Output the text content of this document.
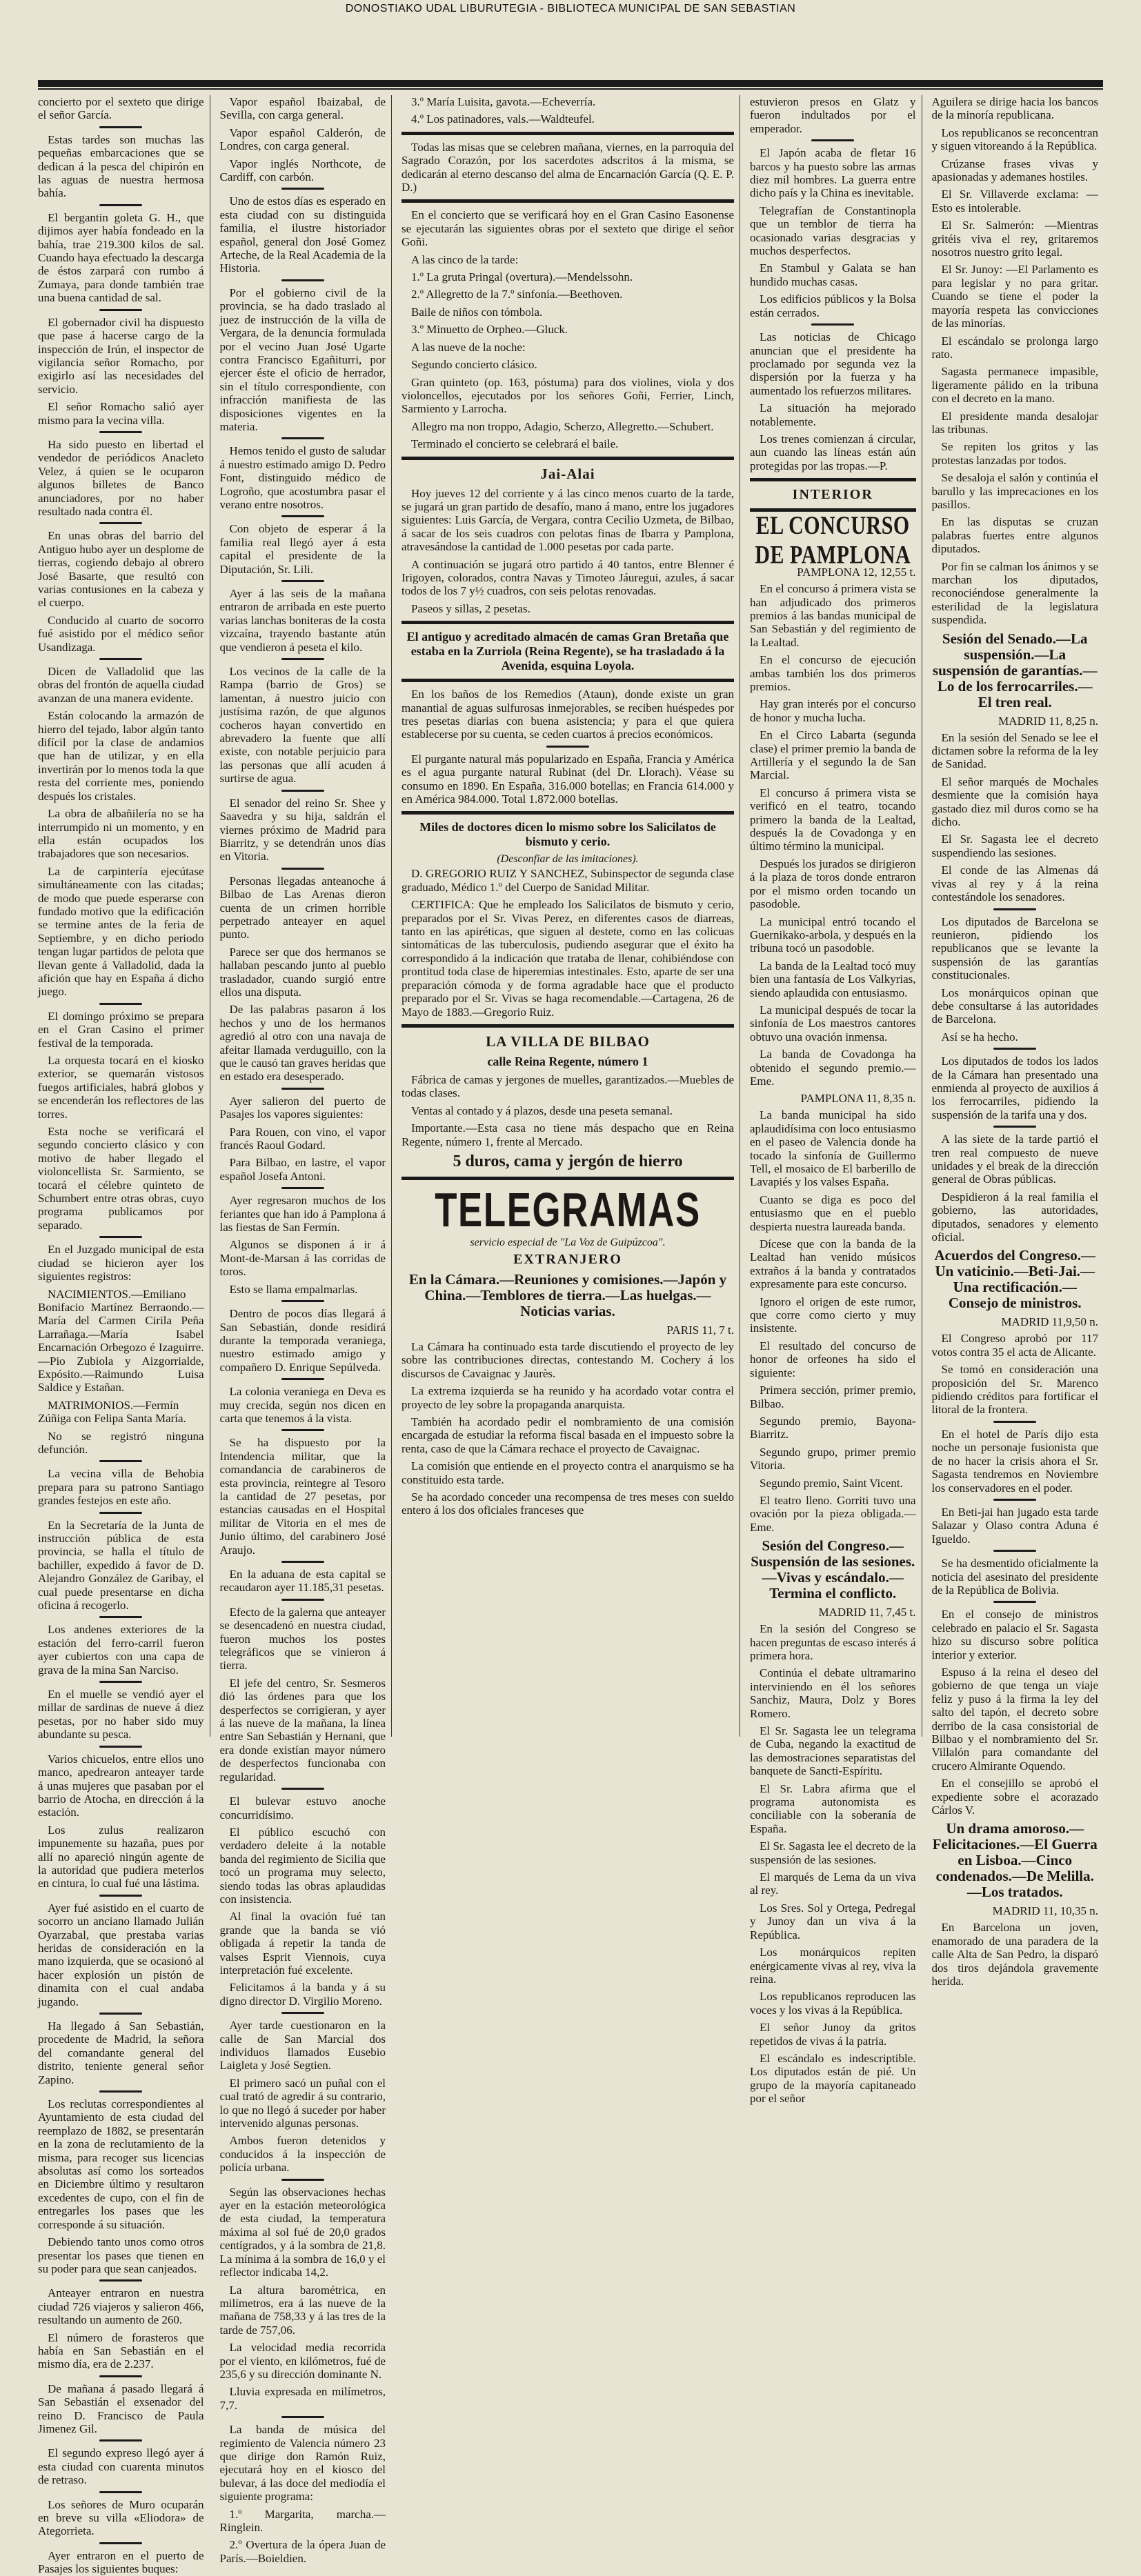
DONOSTIAKO UDAL LIBURUTEGIA - BIBLIOTECA MUNICIPAL DE SAN SEBASTIAN

concierto por el sexteto que dirige el señor García.

Estas tardes son muchas las pequeñas embarcaciones que se dedican á la pesca del chipirón en las aguas de nuestra hermosa bahía.

El bergantin goleta G. H., que dijimos ayer había fondeado en la bahía, trae 219.300 kilos de sal. Cuando haya efectuado la descarga de éstos zarpará con rumbo á Zumaya, para donde también trae una buena cantidad de sal.

El gobernador civil ha dispuesto que pase á hacerse cargo de la inspección de Irún, el inspector de vigilancia señor Romacho, por exigirlo así las necesidades del servicio.

El señor Romacho salió ayer mismo para la vecina villa.

Ha sido puesto en libertad el vendedor de periódicos Anacleto Velez, á quien se le ocuparon algunos billetes de Banco anunciadores, por no haber resultado nada contra él.

En unas obras del barrio del Antiguo hubo ayer un desplome de tierras, cogiendo debajo al obrero José Basarte, que resultó con varias contusiones en la cabeza y el cuerpo.

Conducido al cuarto de socorro fué asistido por el médico señor Usandizaga.

Dicen de Valladolid que las obras del frontón de aquella ciudad avanzan de una manera evidente.

Están colocando la armazón de hierro del tejado, labor algún tanto difícil por la clase de andamios que han de utilizar, y en ella invertirán por lo menos toda la que resta del corriente mes, poniendo después los cristales.

La obra de albañilería no se ha interrumpido ni un momento, y en ella están ocupados los trabajadores que son necesarios.

La de carpintería ejecútase simultáneamente con las citadas; de modo que puede esperarse con fundado motivo que la edificación se termine antes de la feria de Septiembre, y en dicho periodo tengan lugar partidos de pelota que llevan gente á Valladolid, dada la afición que hay en España á dicho juego.

El domingo próximo se prepara en el Gran Casino el primer festival de la temporada.

La orquesta tocará en el kiosko exterior, se quemarán vistosos fuegos artificiales, habrá globos y se encenderán los reflectores de las torres.

Esta noche se verificará el segundo concierto clásico y con motivo de haber llegado el violoncellista Sr. Sarmiento, se tocará el célebre quinteto de Schumbert entre otras obras, cuyo programa publicamos por separado.

En el Juzgado municipal de esta ciudad se hicieron ayer los siguientes registros:

NACIMIENTOS.—Emiliano Bonifacio Martínez Berraondo.—María del Carmen Cirila Peña Larrañaga.—María Isabel Encarnación Orbegozo é Izaguirre.—Pio Zubiola y Aizgorrialde, Expósito.—Raimundo Luisa Saldice y Estañan.

MATRIMONIOS.—Fermín Zúñiga con Felipa Santa María.

No se registró ninguna defunción.

La vecina villa de Behobia prepara para su patrono Santiago grandes festejos en este año.

En la Secretaría de la Junta de instrucción pública de esta provincia, se halla el título de bachiller, expedido á favor de D. Alejandro González de Garibay, el cual puede presentarse en dicha oficina á recogerlo.

Los andenes exteriores de la estación del ferro-carril fueron ayer cubiertos con una capa de grava de la mina San Narciso.

En el muelle se vendió ayer el millar de sardinas de nueve á diez pesetas, por no haber sido muy abundante su pesca.

Varios chicuelos, entre ellos uno manco, apedrearon anteayer tarde á unas mujeres que pasaban por el barrio de Atocha, en dirección á la estación.

Los zulus realizaron impunemente su hazaña, pues por allí no apareció ningún agente de la autoridad que pudiera meterlos en cintura, lo cual fué una lástima.

Ayer fué asistido en el cuarto de socorro un anciano llamado Julián Oyarzabal, que prestaba varias heridas de consideración en la mano izquierda, que se ocasionó al hacer explosión un pistón de dinamita con el cual andaba jugando.

Ha llegado á San Sebastián, procedente de Madrid, la señora del comandante general del distrito, teniente general señor Zapino.

Los reclutas correspondientes al Ayuntamiento de esta ciudad del reemplazo de 1882, se presentarán en la zona de reclutamiento de la misma, para recoger sus licencias absolutas así como los sorteados en Diciembre último y resultaron excedentes de cupo, con el fin de entregarles los pases que les corresponde á su situación.

Debiendo tanto unos como otros presentar los pases que tienen en su poder para que sean canjeados.

Anteayer entraron en nuestra ciudad 726 viajeros y salieron 466, resultando un aumento de 260.

El número de forasteros que había en San Sebastián en el mismo día, era de 2.237.

De mañana á pasado llegará á San Sebastián el exsenador del reino D. Francisco de Paula Jimenez Gil.

El segundo expreso llegó ayer á esta ciudad con cuarenta minutos de retraso.

Los señores de Muro ocuparán en breve su villa «Eliodora» de Ategorrieta.

Ayer entraron en el puerto de Pasajes los siguientes buques:

Vapor español Ibaizabal, de Sevilla, con carga general.

Vapor español Calderón, de Londres, con carga general.

Vapor inglés Northcote, de Cardiff, con carbón.

Uno de estos días es esperado en esta ciudad con su distinguida familia, el ilustre historiador español, general don José Gomez Arteche, de la Real Academia de la Historia.

Por el gobierno civil de la provincia, se ha dado traslado al juez de instrucción de la villa de Vergara, de la denuncia formulada por el vecino Juan José Ugarte contra Francisco Egañiturri, por ejercer éste el oficio de herrador, sin el título correspondiente, con infracción manifiesta de las disposiciones vigentes en la materia.

Hemos tenido el gusto de saludar á nuestro estimado amigo D. Pedro Font, distinguido médico de Logroño, que acostumbra pasar el verano entre nosotros.

Con objeto de esperar á la familia real llegó ayer á esta capital el presidente de la Diputación, Sr. Lili.

Ayer á las seis de la mañana entraron de arribada en este puerto varias lanchas boniteras de la costa vizcaína, trayendo bastante atún que vendieron á peseta el kilo.

Los vecinos de la calle de la Rampa (barrio de Gros) se lamentan, á nuestro juicio con justísima razón, de que algunos cocheros hayan convertido en abrevadero la fuente que allí existe, con notable perjuicio para las personas que allí acuden á surtirse de agua.

El senador del reino Sr. Shee y Saavedra y su hija, saldrán el viernes próximo de Madrid para Biarritz, y se detendrán unos días en Vitoria.

Personas llegadas anteanoche á Bilbao de Las Arenas dieron cuenta de un crimen horrible perpetrado anteayer en aquel punto.

Parece ser que dos hermanos se hallaban pescando junto al pueblo trasladador, cuando surgió entre ellos una disputa.

De las palabras pasaron á los hechos y uno de los hermanos agredió al otro con una navaja de afeitar llamada verduguillo, con la que le causó tan graves heridas que en estado era desesperado.

Ayer salieron del puerto de Pasajes los vapores siguientes:

Para Rouen, con vino, el vapor francés Raoul Godard.

Para Bilbao, en lastre, el vapor español Josefa Antoni.

Ayer regresaron muchos de los feriantes que han ido á Pamplona á las fiestas de San Fermín.

Algunos se disponen á ir á Mont-de-Marsan á las corridas de toros.

Esto se llama empalmarlas.

Dentro de pocos días llegará á San Sebastián, donde residirá durante la temporada veraniega, nuestro estimado amigo y compañero D. Enrique Sepúlveda.

La colonia veraniega en Deva es muy crecida, según nos dicen en carta que tenemos á la vista.

Se ha dispuesto por la Intendencia militar, que la comandancia de carabineros de esta provincia, reintegre al Tesoro la cantidad de 27 pesetas, por estancias causadas en el Hospital militar de Vitoria en el mes de Junio último, del carabinero José Araujo.

En la aduana de esta capital se recaudaron ayer 11.185,31 pesetas.

Efecto de la galerna que anteayer se desencadenó en nuestra ciudad, fueron muchos los postes telegráficos que se vinieron á tierra.

El jefe del centro, Sr. Sesmeros dió las órdenes para que los desperfectos se corrigieran, y ayer á las nueve de la mañana, la línea entre San Sebastián y Hernani, que era donde existían mayor número de desperfectos funcionaba con regularidad.

El bulevar estuvo anoche concurridísimo.

El público escuchó con verdadero deleite á la notable banda del regimiento de Sicilia que tocó un programa muy selecto, siendo todas las obras aplaudidas con insistencia.

Al final la ovación fué tan grande que la banda se vió obligada á repetir la tanda de valses Esprit Viennois, cuya interpretación fué excelente.

Felicitamos á la banda y á su digno director D. Virgilio Moreno.

Ayer tarde cuestionaron en la calle de San Marcial dos individuos llamados Eusebio Laigleta y José Segtien.

El primero sacó un puñal con el cual trató de agredir á su contrario, lo que no llegó á suceder por haber intervenido algunas personas.

Ambos fueron detenidos y conducidos á la inspección de policía urbana.

Según las observaciones hechas ayer en la estación meteorológica de esta ciudad, la temperatura máxima al sol fué de 20,0 grados centígrados, y á la sombra de 21,8. La mínima á la sombra de 16,0 y el reflector indicaba 14,2.

La altura barométrica, en milímetros, era á las nueve de la mañana de 758,33 y á las tres de la tarde de 757,06.

La velocidad media recorrida por el viento, en kilómetros, fué de 235,6 y su dirección dominante N.

Lluvia expresada en milímetros, 7,7.

La banda de música del regimiento de Valencia número 23 que dirige don Ramón Ruiz, ejecutará hoy en el kiosco del bulevar, á las doce del mediodía el siguiente programa:

1.º Margarita, marcha.—Ringlein.

2.º Overtura de la ópera Juan de París.—Boieldien.

3.º María Luisita, gavota.—Echeverría.

4.º Los patinadores, vals.—Waldteufel.

Todas las misas que se celebren mañana, viernes, en la parroquia del Sagrado Corazón, por los sacerdotes adscritos á la misma, se dedicarán al eterno descanso del alma de Encarnación García (Q. E. P. D.)

En el concierto que se verificará hoy en el Gran Casino Easonense se ejecutarán las siguientes obras por el sexteto que dirige el señor Goñi.

A las cinco de la tarde:

1.º La gruta Pringal (overtura).—Mendelssohn.

2.º Allegretto de la 7.º sinfonía.—Beethoven.

Baile de niños con tómbola.

3.º Minuetto de Orpheo.—Gluck.

A las nueve de la noche:

Segundo concierto clásico.

Gran quinteto (op. 163, póstuma) para dos violines, viola y dos violoncellos, ejecutados por los señores Goñi, Ferrier, Linch, Sarmiento y Larrocha.

Allegro ma non troppo, Adagio, Scherzo, Allegretto.—Schubert.

Terminado el concierto se celebrará el baile.

Jai-Alai

Hoy jueves 12 del corriente y á las cinco menos cuarto de la tarde, se jugará un gran partido de desafío, mano á mano, entre los jugadores siguientes: Luis García, de Vergara, contra Cecilio Uzmeta, de Bilbao, á sacar de los seis cuadros con pelotas finas de Ibarra y Pamplona, atravesándose la cantidad de 1.000 pesetas por cada parte.

A continuación se jugará otro partido á 40 tantos, entre Blenner é Irigoyen, colorados, contra Navas y Timoteo Jáuregui, azules, á sacar todos de los 7 y½ cuadros, con seis pelotas renovadas.

Paseos y sillas, 2 pesetas.

El antiguo y acreditado almacén de camas Gran Bretaña que estaba en la Zurriola (Reina Regente), se ha trasladado á la Avenida, esquina Loyola.

En los baños de los Remedios (Ataun), donde existe un gran manantial de aguas sulfurosas inmejorables, se reciben huéspedes por tres pesetas diarias con buena asistencia; y para el que quiera establecerse por su cuenta, se ceden cuartos á precios económicos.

El purgante natural más popularizado en España, Francia y América es el agua purgante natural Rubinat (del Dr. Llorach). Véase su consumo en 1890. En España, 316.000 botellas; en Francia 614.000 y en América 984.000. Total 1.872.000 botellas.

Miles de doctores dicen lo mismo sobre los Salicilatos de bismuto y cerio.
(Desconfiar de las imitaciones).

D. GREGORIO RUIZ Y SANCHEZ, Subinspector de segunda clase graduado, Médico 1.º del Cuerpo de Sanidad Militar.

CERTIFICA: Que he empleado los Salicilatos de bismuto y cerio, preparados por el Sr. Vivas Perez, en diferentes casos de diarreas, tanto en las apiréticas, que siguen al destete, como en las colicuas sintomáticas de las tuberculosis, pudiendo asegurar que el éxito ha correspondido á la indicación que trataba de llenar, cohibiéndose con prontitud toda clase de hiperemias intestinales. Esto, aparte de ser una preparación cómoda y de forma agradable hace que el producto preparado por el Sr. Vivas se haga recomendable.—Cartagena, 26 de Mayo de 1883.—Gregorio Ruiz.

LA VILLA DE BILBAO
calle Reina Regente, número 1

Fábrica de camas y jergones de muelles, garantizados.—Muebles de todas clases.

Ventas al contado y á plazos, desde una peseta semanal.

Importante.—Esta casa no tiene más despacho que en Reina Regente, número 1, frente al Mercado.

5 duros, cama y jergón de hierro
TELEGRAMAS
servicio especial de "La Voz de Guipúzcoa".
EXTRANJERO
En la Cámara.—Reuniones y comisiones.—Japón y China.—Temblores de tierra.—Las huelgas.—Noticias varias.
PARIS 11, 7 t.

La Cámara ha continuado esta tarde discutiendo el proyecto de ley sobre las contribuciones directas, contestando M. Cochery á los discursos de Cavaignac y Jaurès.

La extrema izquierda se ha reunido y ha acordado votar contra el proyecto de ley sobre la propaganda anarquista.

También ha acordado pedir el nombramiento de una comisión encargada de estudiar la reforma fiscal basada en el impuesto sobre la renta, caso de que la Cámara rechace el proyecto de Cavaignac.

La comisión que entiende en el proyecto contra el anarquismo se ha constituido esta tarde.

Se ha acordado conceder una recompensa de tres meses con sueldo entero á los dos oficiales franceses que

estuvieron presos en Glatz y fueron indultados por el emperador.

El Japón acaba de fletar 16 barcos y ha puesto sobre las armas diez mil hombres. La guerra entre dicho país y la China es inevitable.

Telegrafían de Constantinopla que un temblor de tierra ha ocasionado varias desgracias y muchos desperfectos.

En Stambul y Galata se han hundido muchas casas.

Los edificios públicos y la Bolsa están cerrados.

Las noticias de Chicago anuncian que el presidente ha proclamado por segunda vez la dispersión por la fuerza y ha aumentado los refuerzos militares.

La situación ha mejorado notablemente.

Los trenes comienzan á circular, aun cuando las líneas están aún protegidas por las tropas.—P.

INTERIOR
EL CONCURSO DE PAMPLONA
PAMPLONA 12, 12,55 t.

En el concurso á primera vista se han adjudicado dos primeros premios á las bandas municipal de San Sebastián y del regimiento de la Lealtad.

En el concurso de ejecución ambas también los dos primeros premios.

Hay gran interés por el concurso de honor y mucha lucha.

En el Circo Labarta (segunda clase) el primer premio la banda de Artillería y el segundo la de San Marcial.

El concurso á primera vista se verificó en el teatro, tocando primero la banda de la Lealtad, después la de Covadonga y en último término la municipal.

Después los jurados se dirigieron á la plaza de toros donde entraron por el mismo orden tocando un pasodoble.

La municipal entró tocando el Guernikako-arbola, y después en la tribuna tocó un pasodoble.

La banda de la Lealtad tocó muy bien una fantasía de Los Valkyrias, siendo aplaudida con entusiasmo.

La municipal después de tocar la sinfonía de Los maestros cantores obtuvo una ovación inmensa.

La banda de Covadonga ha obtenido el segundo premio.—Eme.

PAMPLONA 11, 8,35 n.

La banda municipal ha sido aplaudidísima con loco entusiasmo en el paseo de Valencia donde ha tocado la sinfonía de Guillermo Tell, el mosaico de El barberillo de Lavapiés y los valses España.

Cuanto se diga es poco del entusiasmo que en el pueblo despierta nuestra laureada banda.

Dícese que con la banda de la Lealtad han venido músicos extraños á la banda y contratados expresamente para este concurso.

Ignoro el origen de este rumor, que corre como cierto y muy insistente.

El resultado del concurso de honor de orfeones ha sido el siguiente:

Primera sección, primer premio, Bilbao.

Segundo premio, Bayona-Biarritz.

Segundo grupo, primer premio Vitoria.

Segundo premio, Saint Vicent.

El teatro lleno. Gorriti tuvo una ovación por la pieza obligada.—Eme.

Sesión del Congreso.—Suspensión de las sesiones.—Vivas y escándalo.—Termina el conflicto.
MADRID 11, 7,45 t.

En la sesión del Congreso se hacen preguntas de escaso interés á primera hora.

Continúa el debate ultramarino interviniendo en él los señores Sanchiz, Maura, Dolz y Bores Romero.

El Sr. Sagasta lee un telegrama de Cuba, negando la exactitud de las demostraciones separatistas del banquete de Sancti-Espíritu.

El Sr. Labra afirma que el programa autonomista es conciliable con la soberanía de España.

El Sr. Sagasta lee el decreto de la suspensión de las sesiones.

El marqués de Lema da un viva al rey.

Los Sres. Sol y Ortega, Pedregal y Junoy dan un viva á la República.

Los monárquicos repiten enérgicamente vivas al rey, viva la reina.

Los republicanos reproducen las voces y los vivas á la República.

El señor Junoy da gritos repetidos de vivas á la patria.

El escándalo es indescriptible. Los diputados están de pié. Un grupo de la mayoría capitaneado por el señor

Aguilera se dirige hacia los bancos de la minoría republicana.

Los republicanos se reconcentran y siguen vitoreando á la República.

Crúzanse frases vivas y apasionadas y ademanes hostiles.

El Sr. Villaverde exclama: —Esto es intolerable.

El Sr. Salmerón: —Mientras gritéis viva el rey, gritaremos nosotros nuestro grito legal.

El Sr. Junoy: —El Parlamento es para legislar y no para gritar. Cuando se tiene el poder la mayoría respeta las convicciones de las minorías.

El escándalo se prolonga largo rato.

Sagasta permanece impasible, ligeramente pálido en la tribuna con el decreto en la mano.

El presidente manda desalojar las tribunas.

Se repiten los gritos y las protestas lanzadas por todos.

Se desaloja el salón y continúa el barullo y las imprecaciones en los pasillos.

En las disputas se cruzan palabras fuertes entre algunos diputados.

Por fin se calman los ánimos y se marchan los diputados, reconociéndose generalmente la esterilidad de la legislatura suspendida.

Sesión del Senado.—La suspensión.—La suspensión de garantías.—Lo de los ferrocarriles.—El tren real.
MADRID 11, 8,25 n.

En la sesión del Senado se lee el dictamen sobre la reforma de la ley de Sanidad.

El señor marqués de Mochales desmiente que la comisión haya gastado diez mil duros como se ha dicho.

El Sr. Sagasta lee el decreto suspendiendo las sesiones.

El conde de las Almenas dá vivas al rey y á la reina contestándole los senadores.

Los diputados de Barcelona se reunieron, pidiendo los republicanos que se levante la suspensión de las garantías constitucionales.

Los monárquicos opinan que debe consultarse á las autoridades de Barcelona.

Así se ha hecho.

Los diputados de todos los lados de la Cámara han presentado una enmienda al proyecto de auxilios á los ferrocarriles, pidiendo la suspensión de la tarifa una y dos.

A las siete de la tarde partió el tren real compuesto de nueve unidades y el break de la dirección general de Obras públicas.

Despidieron á la real familia el gobierno, las autoridades, diputados, senadores y elemento oficial.

Acuerdos del Congreso.—Un vaticinio.—Beti-Jai.—Una rectificación.—Consejo de ministros.
MADRID 11,9,50 n.

El Congreso aprobó por 117 votos contra 35 el acta de Alicante.

Se tomó en consideración una proposición del Sr. Marenco pidiendo créditos para fortificar el litoral de la frontera.

En el hotel de París dijo esta noche un personaje fusionista que de no hacer la crisis ahora el Sr. Sagasta tendremos en Noviembre los conservadores en el poder.

En Beti-jai han jugado esta tarde Salazar y Olaso contra Aduna é Igueldo.

Se ha desmentido oficialmente la noticia del asesinato del presidente de la República de Bolivia.

En el consejo de ministros celebrado en palacio el Sr. Sagasta hizo su discurso sobre política interior y exterior.

Espuso á la reina el deseo del gobierno de que tenga un viaje feliz y puso á la firma la ley del salto del tapón, el decreto sobre derribo de la casa consistorial de Bilbao y el nombramiento del Sr. Villalón para comandante del crucero Almirante Oquendo.

En el consejillo se aprobó el expediente sobre el acorazado Cárlos V.

Un drama amoroso.—Felicitaciones.—El Guerra en Lisboa.—Cinco condenados.—De Melilla.—Los tratados.
MADRID 11, 10,35 n.

En Barcelona un joven, enamorado de una paradera de la calle Alta de San Pedro, la disparó dos tiros dejándola gravemente herida.
